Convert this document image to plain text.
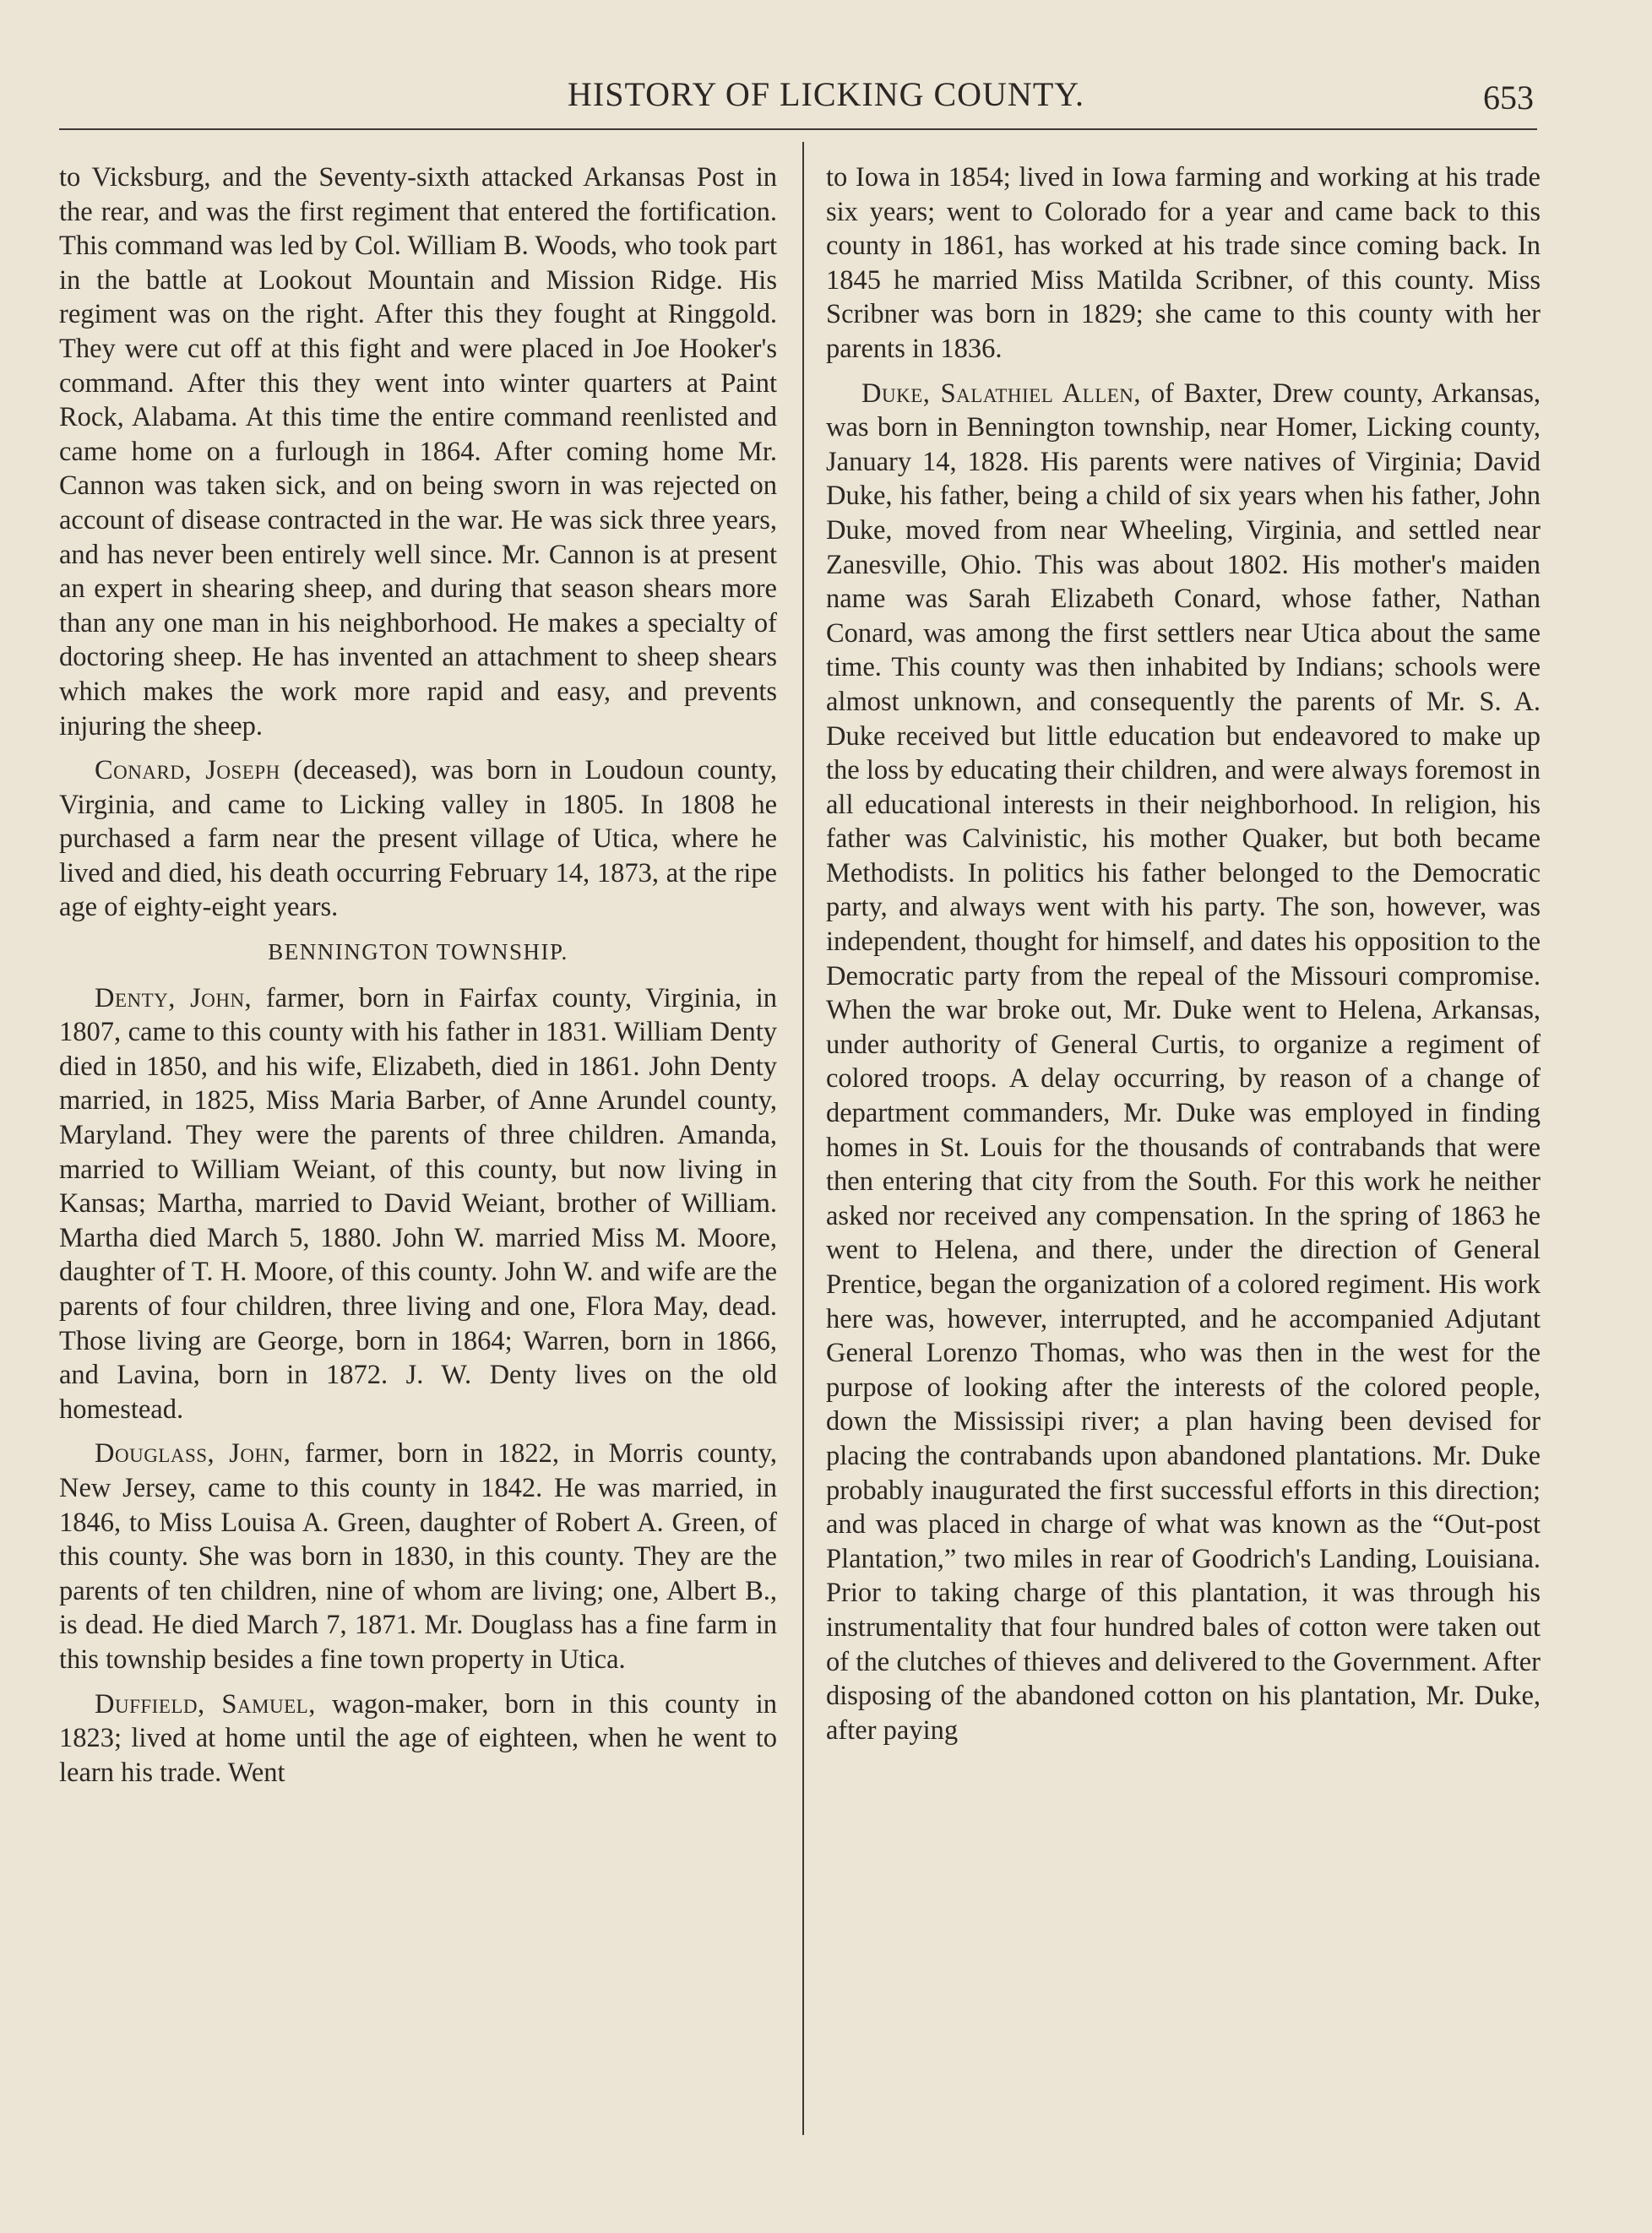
HISTORY OF LICKING COUNTY.	653

to Vicksburg, and the Seventy-sixth attacked Arkansas Post in the rear, and was the first regiment that entered the fortification. This command was led by Col. William B. Woods, who took part in the battle at Lookout Mountain and Mission Ridge. His regiment was on the right. After this they fought at Ringgold. They were cut off at this fight and were placed in Joe Hooker's command. After this they went into winter quarters at Paint Rock, Alabama. At this time the entire command reenlisted and came home on a furlough in 1864. After coming home Mr. Cannon was taken sick, and on being sworn in was rejected on account of disease contracted in the war. He was sick three years, and has never been entirely well since. Mr. Cannon is at present an expert in shearing sheep, and during that season shears more than any one man in his neighborhood. He makes a specialty of doctoring sheep. He has invented an attachment to sheep shears which makes the work more rapid and easy, and prevents injuring the sheep.

Conard, Joseph (deceased), was born in Loudoun county, Virginia, and came to Licking valley in 1805. In 1808 he purchased a farm near the present village of Utica, where he lived and died, his death occurring February 14, 1873, at the ripe age of eighty-eight years.

BENNINGTON TOWNSHIP.

Denty, John, farmer, born in Fairfax county, Virginia, in 1807, came to this county with his father in 1831. William Denty died in 1850, and his wife, Elizabeth, died in 1861. John Denty married, in 1825, Miss Maria Barber, of Anne Arundel county, Maryland. They were the parents of three children. Amanda, married to William Weiant, of this county, but now living in Kansas; Martha, married to David Weiant, brother of William. Martha died March 5, 1880. John W. married Miss M. Moore, daughter of T. H. Moore, of this county. John W. and wife are the parents of four children, three living and one, Flora May, dead. Those living are George, born in 1864; Warren, born in 1866, and Lavina, born in 1872. J. W. Denty lives on the old homestead.

Douglass, John, farmer, born in 1822, in Morris county, New Jersey, came to this county in 1842. He was married, in 1846, to Miss Louisa A. Green, daughter of Robert A. Green, of this county. She was born in 1830, in this county. They are the parents of ten children, nine of whom are living; one, Albert B., is dead. He died March 7, 1871. Mr. Douglass has a fine farm in this township besides a fine town property in Utica.

Duffield, Samuel, wagon-maker, born in this county in 1823; lived at home until the age of eighteen, when he went to learn his trade. Went

to Iowa in 1854; lived in Iowa farming and working at his trade six years; went to Colorado for a year and came back to this county in 1861, has worked at his trade since coming back. In 1845 he married Miss Matilda Scribner, of this county. Miss Scribner was born in 1829; she came to this county with her parents in 1836.

Duke, Salathiel Allen, of Baxter, Drew county, Arkansas, was born in Bennington township, near Homer, Licking county, January 14, 1828. His parents were natives of Virginia; David Duke, his father, being a child of six years when his father, John Duke, moved from near Wheeling, Virginia, and settled near Zanesville, Ohio. This was about 1802. His mother's maiden name was Sarah Elizabeth Conard, whose father, Nathan Conard, was among the first settlers near Utica about the same time. This county was then inhabited by Indians; schools were almost unknown, and consequently the parents of Mr. S. A. Duke received but little education but endeavored to make up the loss by educating their children, and were always foremost in all educational interests in their neighborhood. In religion, his father was Calvinistic, his mother Quaker, but both became Methodists. In politics his father belonged to the Democratic party, and always went with his party. The son, however, was independent, thought for himself, and dates his opposition to the Democratic party from the repeal of the Missouri compromise. When the war broke out, Mr. Duke went to Helena, Arkansas, under authority of General Curtis, to organize a regiment of colored troops. A delay occurring, by reason of a change of department commanders, Mr. Duke was employed in finding homes in St. Louis for the thousands of contrabands that were then entering that city from the South. For this work he neither asked nor received any compensation. In the spring of 1863 he went to Helena, and there, under the direction of General Prentice, began the organization of a colored regiment. His work here was, however, interrupted, and he accompanied Adjutant General Lorenzo Thomas, who was then in the west for the purpose of looking after the interests of the colored people, down the Mississipi river; a plan having been devised for placing the contrabands upon abandoned plantations. Mr. Duke probably inaugurated the first successful efforts in this direction; and was placed in charge of what was known as the “Out-post Plantation,” two miles in rear of Goodrich's Landing, Louisiana. Prior to taking charge of this plantation, it was through his instrumentality that four hundred bales of cotton were taken out of the clutches of thieves and delivered to the Government. After disposing of the abandoned cotton on his plantation, Mr. Duke, after paying
